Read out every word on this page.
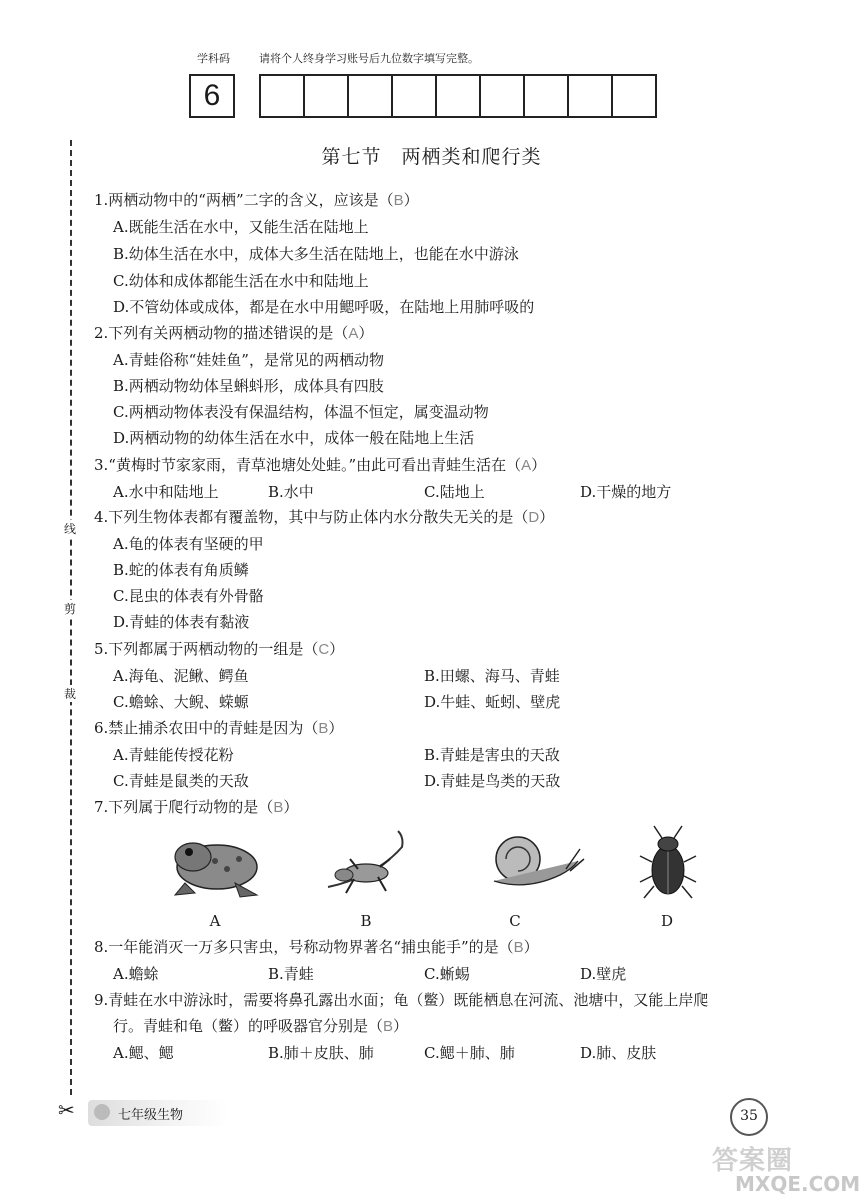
学科码	请将个人终身学习账号后九位数字填写完整。
6
第七节 两栖类和爬行类
线
剪
裁
✂
1.两栖动物中的“两栖”二字的含义，应该是（B）
A.既能生活在水中，又能生活在陆地上
B.幼体生活在水中，成体大多生活在陆地上，也能在水中游泳
C.幼体和成体都能生活在水中和陆地上
D.不管幼体或成体，都是在水中用鳃呼吸，在陆地上用肺呼吸的
2.下列有关两栖动物的描述错误的是（A）
A.青蛙俗称“娃娃鱼”，是常见的两栖动物
B.两栖动物幼体呈蝌蚪形，成体具有四肢
C.两栖动物体表没有保温结构，体温不恒定，属变温动物
D.两栖动物的幼体生活在水中，成体一般在陆地上生活
3.“黄梅时节家家雨，青草池塘处处蛙。”由此可看出青蛙生活在（A）
A.水中和陆地上	B.水中	C.陆地上	D.干燥的地方
4.下列生物体表都有覆盖物，其中与防止体内水分散失无关的是（D）
A.龟的体表有坚硬的甲
B.蛇的体表有角质鳞
C.昆虫的体表有外骨骼
D.青蛙的体表有黏液
5.下列都属于两栖动物的一组是（C）
A.海龟、泥鳅、鳄鱼	B.田螺、海马、青蛙
C.蟾蜍、大鲵、蝾螈	D.牛蛙、蚯蚓、壁虎
6.禁止捕杀农田中的青蛙是因为（B）
A.青蛙能传授花粉	B.青蛙是害虫的天敌
C.青蛙是鼠类的天敌	D.青蛙是鸟类的天敌
7.下列属于爬行动物的是（B）
A	B	C	D
8.一年能消灭一万多只害虫，号称动物界著名“捕虫能手”的是（B）
A.蟾蜍	B.青蛙	C.蜥蜴	D.壁虎
9.青蛙在水中游泳时，需要将鼻孔露出水面；龟（鳖）既能栖息在河流、池塘中，又能上岸爬
行。青蛙和龟（鳖）的呼吸器官分别是（B）
A.鳃、鳃	B.肺＋皮肤、肺	C.鳃＋肺、肺	D.肺、皮肤
七年级生物	35
答案圈
MXQE.COM
